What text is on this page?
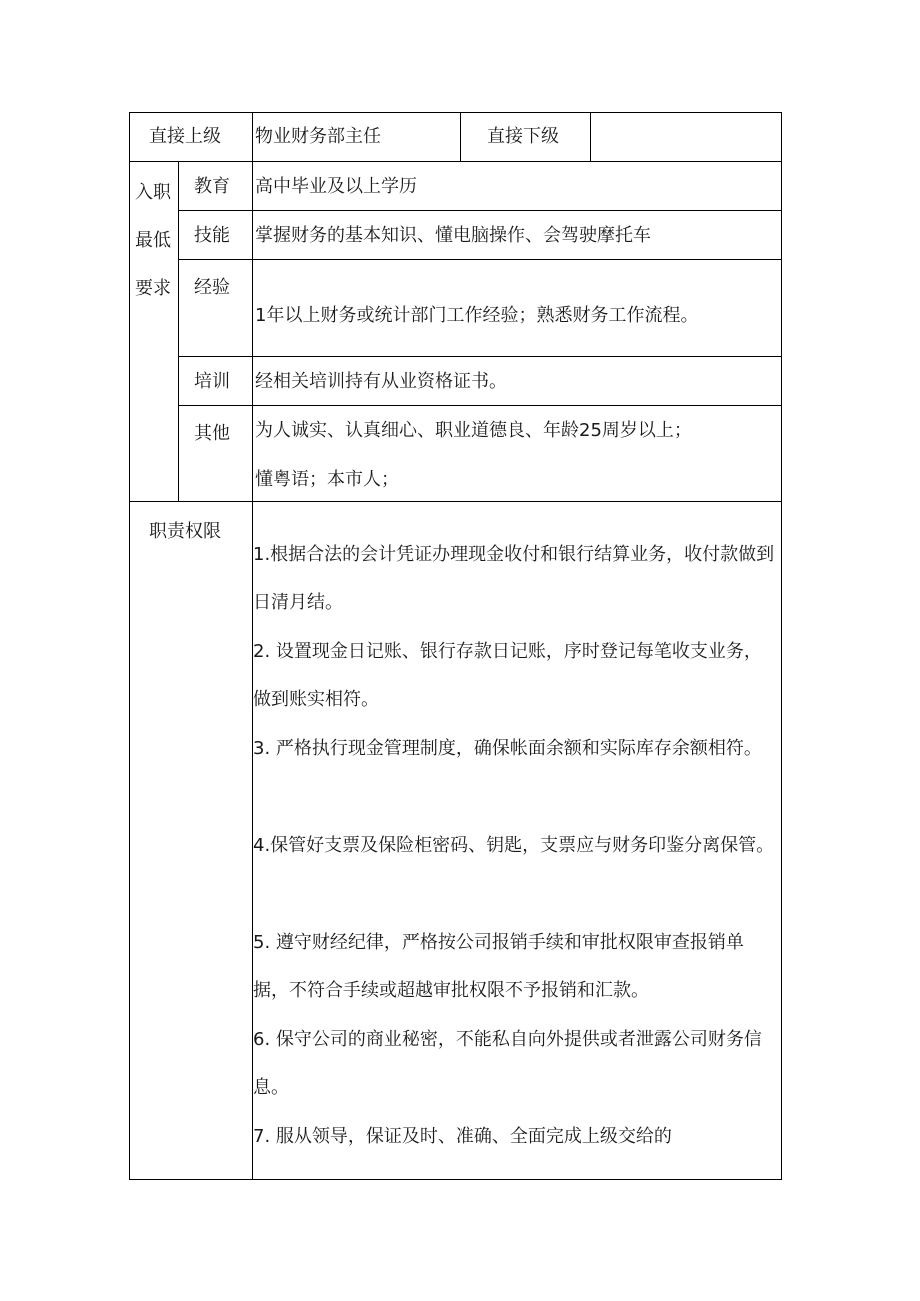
直接上级 物业财务部主任	直接下级
入职
最低
要求
教育 高中毕业及以上学历
技能 掌握财务的基本知识、懂电脑操作、会驾驶摩托车
经验
1年以上财务或统计部门工作经验；熟悉财务工作流程。
培训 经相关培训持有从业资格证书。
其他 为人诚实、认真细心、职业道德良、年龄25周岁以上；
懂粤语；本市人；
职责权限
1.根据合法的会计凭证办理现金收付和银行结算业务，收付款做到日清月结。
2. 设置现金日记账、银行存款日记账，序时登记每笔收支业务，做到账实相符。
3. 严格执行现金管理制度，确保帐面余额和实际库存余额相符。
4.保管好支票及保险柜密码、钥匙，支票应与财务印鉴分离保管。
5. 遵守财经纪律，严格按公司报销手续和审批权限审查报销单据，不符合手续或超越审批权限不予报销和汇款。
6. 保守公司的商业秘密，不能私自向外提供或者泄露公司财务信息。
7. 服从领导，保证及时、准确、全面完成上级交给的
